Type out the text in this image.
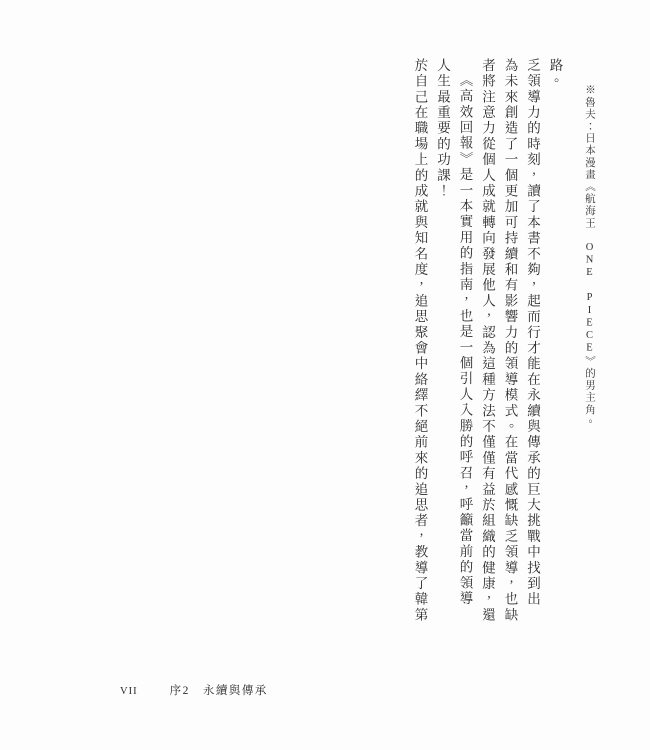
於自己在職場上的成就與知名度，追思聚會中絡繹不絕前來的追思者，教導了韓第 人生最重要的功課！ 《高效回報》是一本實用的指南，也是一個引人入勝的呼召，呼籲當前的領導 者將注意力從個人成就轉向發展他人，認為這種方法不僅僅有益於組織的健康，還 為未來創造了一個更加可持續和有影響力的領導模式。在當代感慨缺乏領導，也缺 乏領導力的時刻，讀了本書不夠，起而行才能在永續與傳承的巨大挑戰中找到出 路。
※魯夫：日本漫畫《航海王 ONE PIECE》的男主角。
VII	序2　永續與傳承
